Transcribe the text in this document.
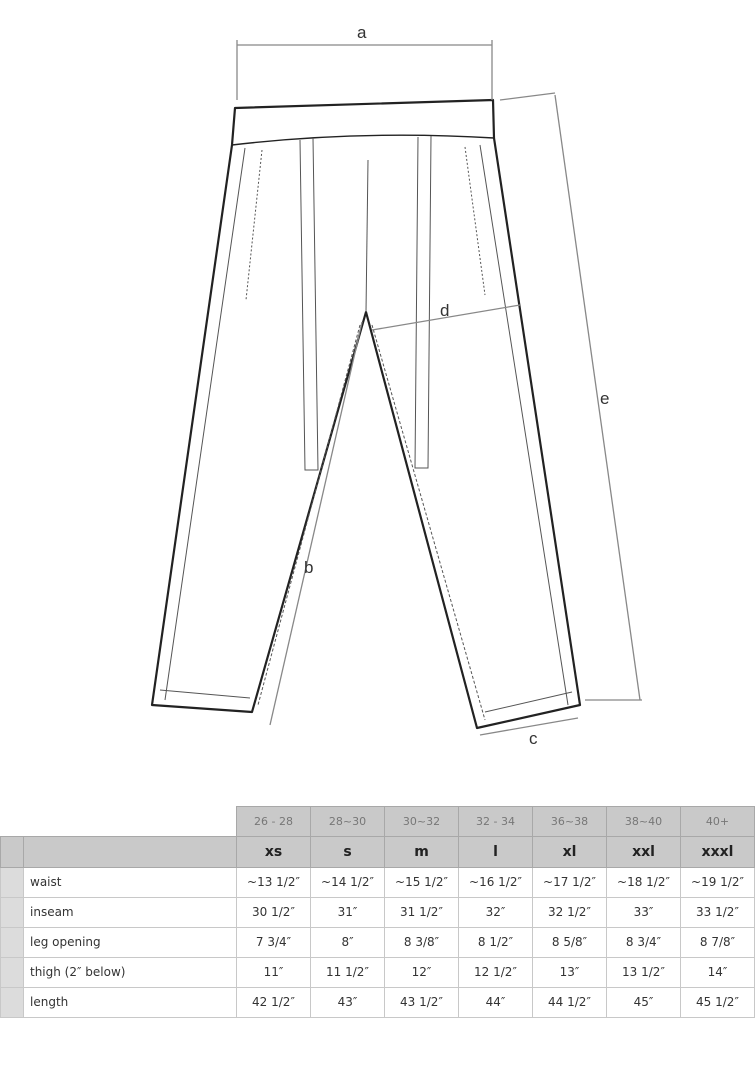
a
e
d
b
c
		26 - 28	28~30	30~32	32 - 34	36~38	38~40	40+
		xs	s	m	l	xl	xxl	xxxl
	waist	~13 1/2″	~14 1/2″	~15 1/2″	~16 1/2″	~17 1/2″	~18 1/2″	~19 1/2″
	inseam	30 1/2″	31″	31 1/2″	32″	32 1/2″	33″	33 1/2″
	leg opening	7 3/4″	8″	8 3/8″	8 1/2″	8 5/8″	8 3/4″	8 7/8″
	thigh (2″ below)	11″	11 1/2″	12″	12 1/2″	13″	13 1/2″	14″
	length	42 1/2″	43″	43 1/2″	44″	44 1/2″	45″	45 1/2″
